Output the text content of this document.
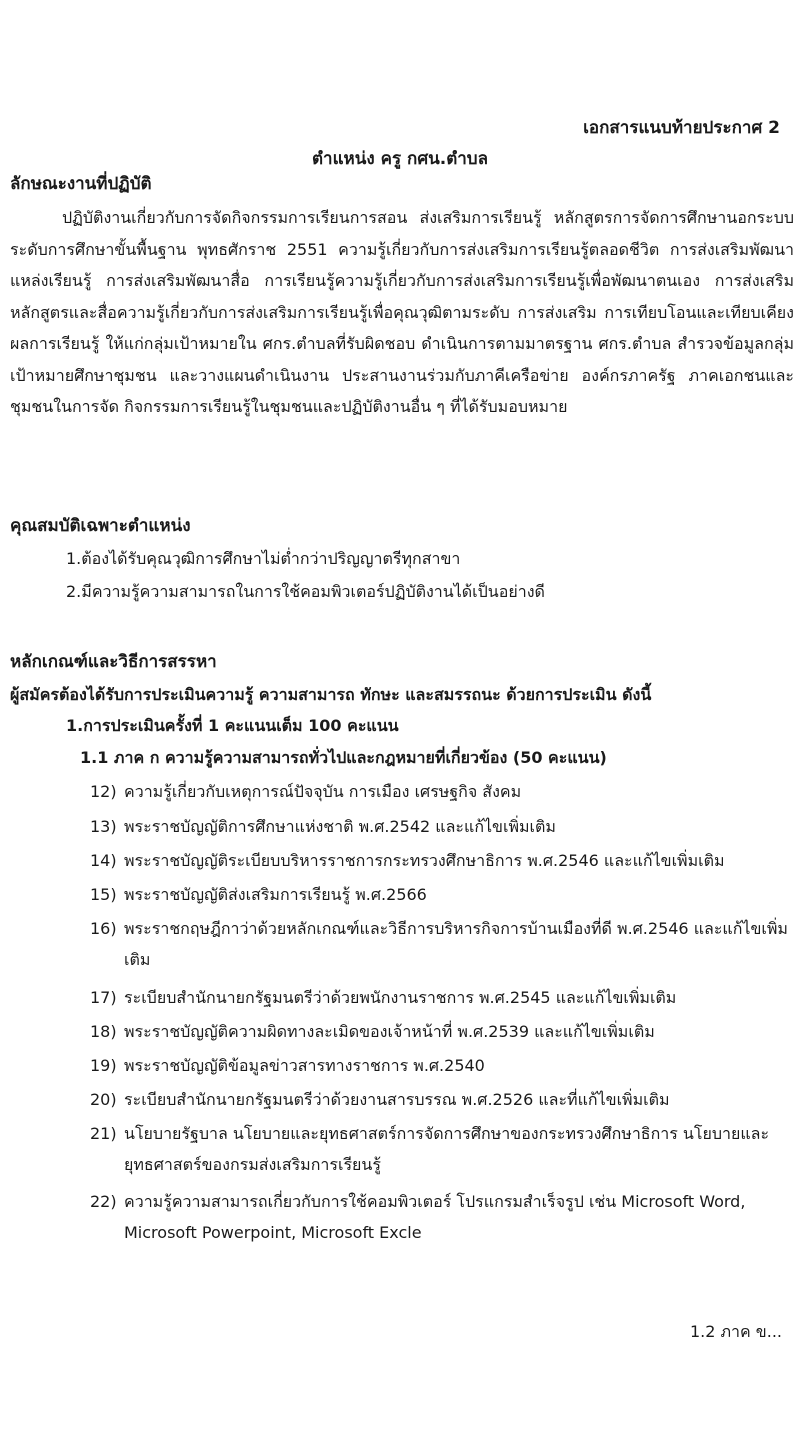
เอกสารแนบท้ายประกาศ 2
ตำแหน่ง ครู กศน.ตำบล
ลักษณะงานที่ปฏิบัติ

ปฏิบัติงานเกี่ยวกับการจัดกิจกรรมการเรียนการสอน ส่งเสริมการเรียนรู้ หลักสูตรการจัดการศึกษานอกระบบระดับการศึกษาขั้นพื้นฐาน พุทธศักราช 2551 ความรู้เกี่ยวกับการส่งเสริมการเรียนรู้ตลอดชีวิต การส่งเสริมพัฒนาแหล่งเรียนรู้ การส่งเสริมพัฒนาสื่อ การเรียนรู้ความรู้เกี่ยวกับการส่งเสริมการเรียนรู้เพื่อพัฒนาตนเอง การส่งเสริมหลักสูตรและสื่อความรู้เกี่ยวกับการส่งเสริมการเรียนรู้เพื่อคุณวุฒิตามระดับ การส่งเสริม การเทียบโอนและเทียบเคียงผลการเรียนรู้ ให้แก่กลุ่มเป้าหมายใน ศกร.ตำบลที่รับผิดชอบ ดำเนินการตามมาตรฐาน ศกร.ตำบล สำรวจข้อมูลกลุ่มเป้าหมายศึกษาชุมชน และวางแผนดำเนินงาน ประสานงานร่วมกับภาคีเครือข่าย องค์กรภาครัฐ ภาคเอกชนและชุมชนในการจัด กิจกรรมการเรียนรู้ในชุมชนและปฏิบัติงานอื่น ๆ ที่ได้รับมอบหมาย

คุณสมบัติเฉพาะตำแหน่ง
1.ต้องได้รับคุณวุฒิการศึกษาไม่ต่ำกว่าปริญญาตรีทุกสาขา
2.มีความรู้ความสามารถในการใช้คอมพิวเตอร์ปฏิบัติงานได้เป็นอย่างดี
หลักเกณฑ์และวิธีการสรรหา
ผู้สมัครต้องได้รับการประเมินความรู้ ความสามารถ ทักษะ และสมรรถนะ ด้วยการประเมิน ดังนี้
1.การประเมินครั้งที่ 1 คะแนนเต็ม 100 คะแนน
1.1 ภาค ก ความรู้ความสามารถทั่วไปและกฎหมายที่เกี่ยวข้อง (50 คะแนน)
12) ความรู้เกี่ยวกับเหตุการณ์ปัจจุบัน การเมือง เศรษฐกิจ สังคม
13) พระราชบัญญัติการศึกษาแห่งชาติ พ.ศ.2542 และแก้ไขเพิ่มเติม
14) พระราชบัญญัติระเบียบบริหารราชการกระทรวงศึกษาธิการ พ.ศ.2546 และแก้ไขเพิ่มเติม
15) พระราชบัญญัติส่งเสริมการเรียนรู้ พ.ศ.2566
16) พระราชกฤษฎีกาว่าด้วยหลักเกณฑ์และวิธีการบริหารกิจการบ้านเมืองที่ดี พ.ศ.2546 และแก้ไขเพิ่มเติม
17) ระเบียบสำนักนายกรัฐมนตรีว่าด้วยพนักงานราชการ พ.ศ.2545 และแก้ไขเพิ่มเติม
18) พระราชบัญญัติความผิดทางละเมิดของเจ้าหน้าที่ พ.ศ.2539 และแก้ไขเพิ่มเติม
19) พระราชบัญญัติข้อมูลข่าวสารทางราชการ พ.ศ.2540
20) ระเบียบสำนักนายกรัฐมนตรีว่าด้วยงานสารบรรณ พ.ศ.2526 และที่แก้ไขเพิ่มเติม
21) นโยบายรัฐบาล นโยบายและยุทธศาสตร์การจัดการศึกษาของกระทรวงศึกษาธิการ นโยบายและยุทธศาสตร์ของกรมส่งเสริมการเรียนรู้
22) ความรู้ความสามารถเกี่ยวกับการใช้คอมพิวเตอร์ โปรแกรมสำเร็จรูป เช่น Microsoft Word, Microsoft Powerpoint, Microsoft Excle
1.2 ภาค ข...
